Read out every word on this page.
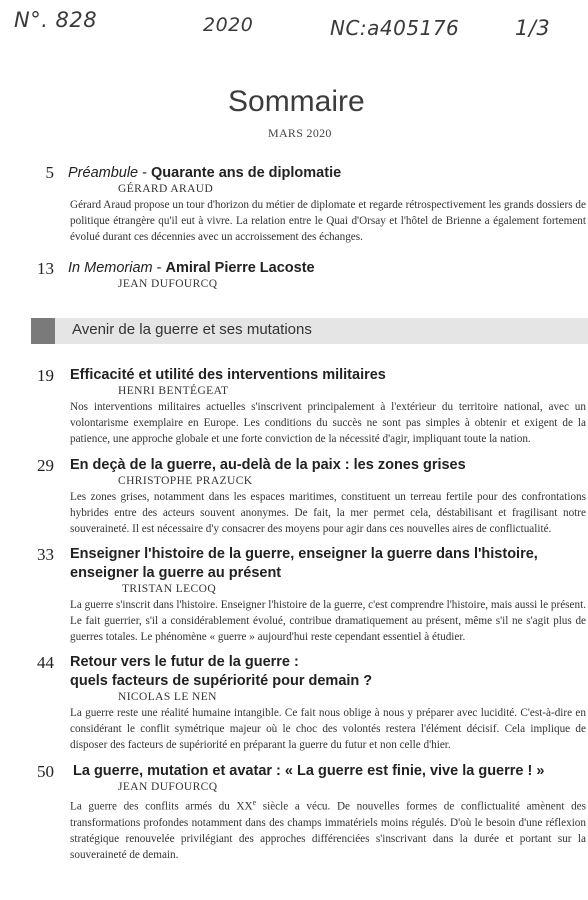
N°. 828	2020	NC:a405176	1/3
Sommaire
MARS 2020
5 Préambule - Quarante ans de diplomatie
GÉRARD ARAUD
Gérard Araud propose un tour d'horizon du métier de diplomate et regarde rétrospectivement les grands dossiers de politique étrangère qu'il eut à vivre. La relation entre le Quai d'Orsay et l'hôtel de Brienne a également fortement évolué durant ces décennies avec un accroissement des échanges.
13 In Memoriam - Amiral Pierre Lacoste
JEAN DUFOURCQ
Avenir de la guerre et ses mutations
19 Efficacité et utilité des interventions militaires
HENRI BENTÉGEAT
Nos interventions militaires actuelles s'inscrivent principalement à l'extérieur du territoire national, avec un volontarisme exemplaire en Europe. Les conditions du succès ne sont pas simples à obtenir et exigent de la patience, une approche globale et une forte conviction de la nécessité d'agir, impliquant toute la nation.
29 En deçà de la guerre, au-delà de la paix : les zones grises
CHRISTOPHE PRAZUCK
Les zones grises, notamment dans les espaces maritimes, constituent un terreau fertile pour des confrontations hybrides entre des acteurs souvent anonymes. De fait, la mer permet cela, déstabilisant et fragilisant notre souveraineté. Il est nécessaire d'y consacrer des moyens pour agir dans ces nouvelles aires de conflictualité.
33 Enseigner l'histoire de la guerre, enseigner la guerre dans l'histoire,
enseigner la guerre au présent
TRISTAN LECOQ
La guerre s'inscrit dans l'histoire. Enseigner l'histoire de la guerre, c'est comprendre l'histoire, mais aussi le présent. Le fait guerrier, s'il a considérablement évolué, contribue dramatiquement au présent, même s'il ne s'agit plus de guerres totales. Le phénomène « guerre » aujourd'hui reste cependant essentiel à étudier.
44 Retour vers le futur de la guerre :
quels facteurs de supériorité pour demain ?
NICOLAS LE NEN
La guerre reste une réalité humaine intangible. Ce fait nous oblige à nous y préparer avec lucidité. C'est-à-dire en considérant le conflit symétrique majeur où le choc des volontés restera l'élément décisif. Cela implique de disposer des facteurs de supériorité en préparant la guerre du futur et non celle d'hier.
50 La guerre, mutation et avatar : « La guerre est finie, vive la guerre ! »
JEAN DUFOURCQ
La guerre des conflits armés du XXe siècle a vécu. De nouvelles formes de conflictualité amènent des transformations profondes notamment dans des champs immatériels moins régulés. D'où le besoin d'une réflexion stratégique renouvelée privilégiant des approches différenciées s'inscrivant dans la durée et portant sur la souveraineté de demain.
